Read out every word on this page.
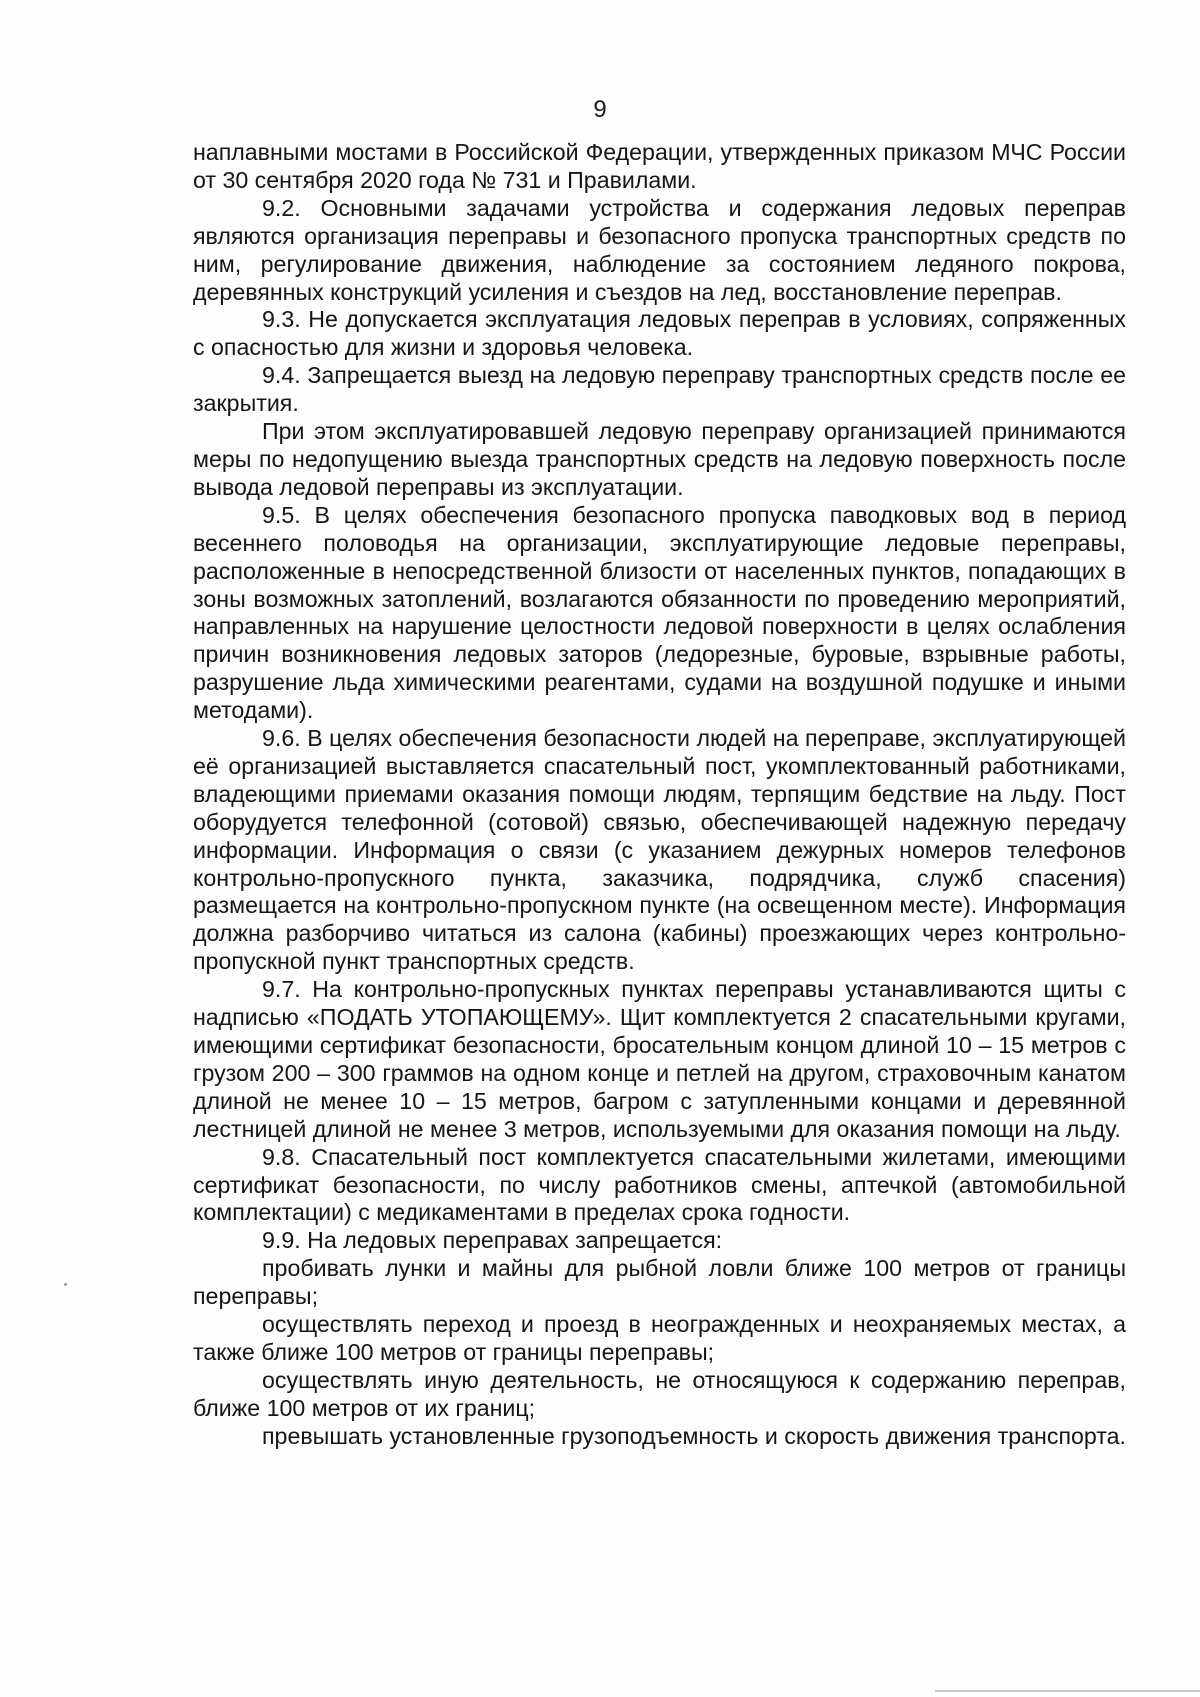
9

наплавными мостами в Российской Федерации, утвержденных приказом МЧС России от 30 сентября 2020 года № 731 и Правилами.

9.2. Основными задачами устройства и содержания ледовых переправ являются организация переправы и безопасного пропуска транспортных средств по ним, регулирование движения, наблюдение за состоянием ледяного покрова, деревянных конструкций усиления и съездов на лед, восстановление переправ.

9.3. Не допускается эксплуатация ледовых переправ в условиях, сопряженных с опасностью для жизни и здоровья человека.

9.4. Запрещается выезд на ледовую переправу транспортных средств после ее закрытия.

При этом эксплуатировавшей ледовую переправу организацией принимаются меры по недопущению выезда транспортных средств на ледовую поверхность после вывода ледовой переправы из эксплуатации.

9.5. В целях обеспечения безопасного пропуска паводковых вод в период весеннего половодья на организации, эксплуатирующие ледовые переправы, расположенные в непосредственной близости от населенных пунктов, попадающих в зоны возможных затоплений, возлагаются обязанности по проведению мероприятий, направленных на нарушение целостности ледовой поверхности в целях ослабления причин возникновения ледовых заторов (ледорезные, буровые, взрывные работы, разрушение льда химическими реагентами, судами на воздушной подушке и иными методами).

9.6. В целях обеспечения безопасности людей на переправе, эксплуатирующей её организацией выставляется спасательный пост, укомплектованный работниками, владеющими приемами оказания помощи людям, терпящим бедствие на льду. Пост оборудуется телефонной (сотовой) связью, обеспечивающей надежную передачу информации. Информация о связи (с указанием дежурных номеров телефонов контрольно-пропускного пункта, заказчика, подрядчика, служб спасения) размещается на контрольно-пропускном пункте (на освещенном месте). Информация должна разборчиво читаться из салона (кабины) проезжающих через контрольно-пропускной пункт транспортных средств.

9.7. На контрольно-пропускных пунктах переправы устанавливаются щиты с надписью «ПОДАТЬ УТОПАЮЩЕМУ». Щит комплектуется 2 спасательными кругами, имеющими сертификат безопасности, бросательным концом длиной 10 – 15 метров с грузом 200 – 300 граммов на одном конце и петлей на другом, страховочным канатом длиной не менее 10 – 15 метров, багром с затупленными концами и деревянной лестницей длиной не менее 3 метров, используемыми для оказания помощи на льду.

9.8. Спасательный пост комплектуется спасательными жилетами, имеющими сертификат безопасности, по числу работников смены, аптечкой (автомобильной комплектации) с медикаментами в пределах срока годности.

9.9. На ледовых переправах запрещается:

пробивать лунки и майны для рыбной ловли ближе 100 метров от границы переправы;

осуществлять переход и проезд в неогражденных и неохраняемых местах, а также ближе 100 метров от границы переправы;

осуществлять иную деятельность, не относящуюся к содержанию переправ, ближе 100 метров от их границ;

превышать установленные грузоподъемность и скорость движения транспорта.
